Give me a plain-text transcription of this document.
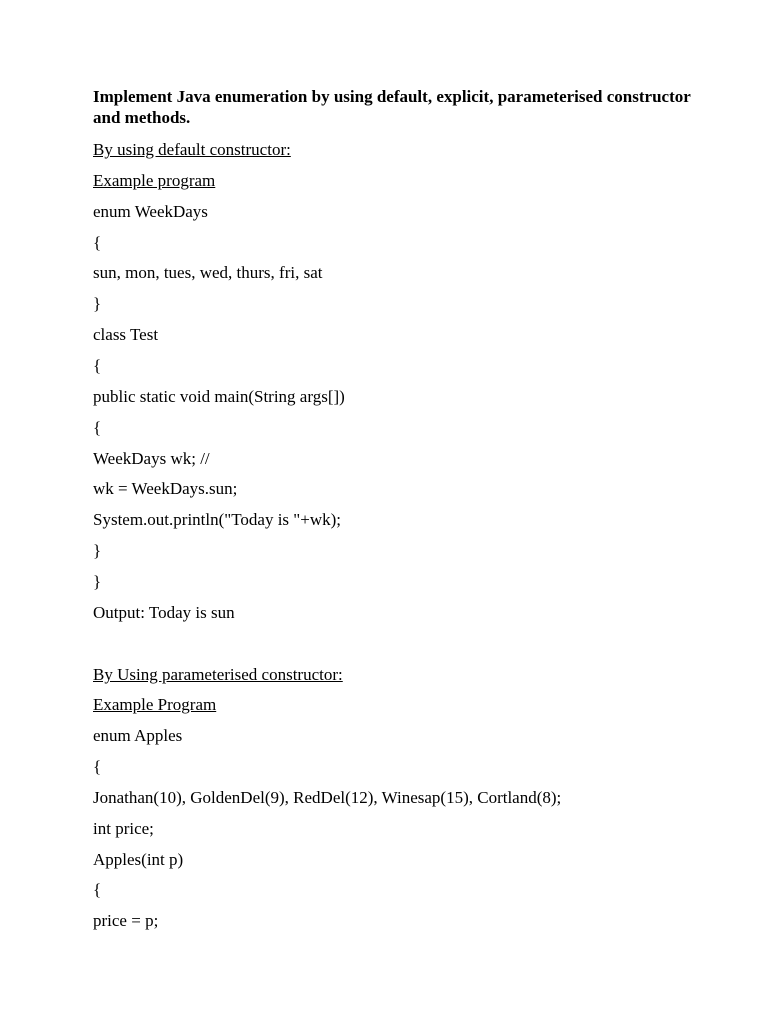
Implement Java enumeration by using default, explicit, parameterised constructor and methods.

By using default constructor:

Example program

enum WeekDays

{

sun, mon, tues, wed, thurs, fri, sat

}

class Test

{

public static void main(String args[])

{

WeekDays wk; //

wk = WeekDays.sun;

System.out.println("Today is "+wk);

}

}

Output: Today is sun

By Using parameterised constructor:

Example Program

enum Apples

{

Jonathan(10), GoldenDel(9), RedDel(12), Winesap(15), Cortland(8);

int price;

Apples(int p)

{

price = p;
